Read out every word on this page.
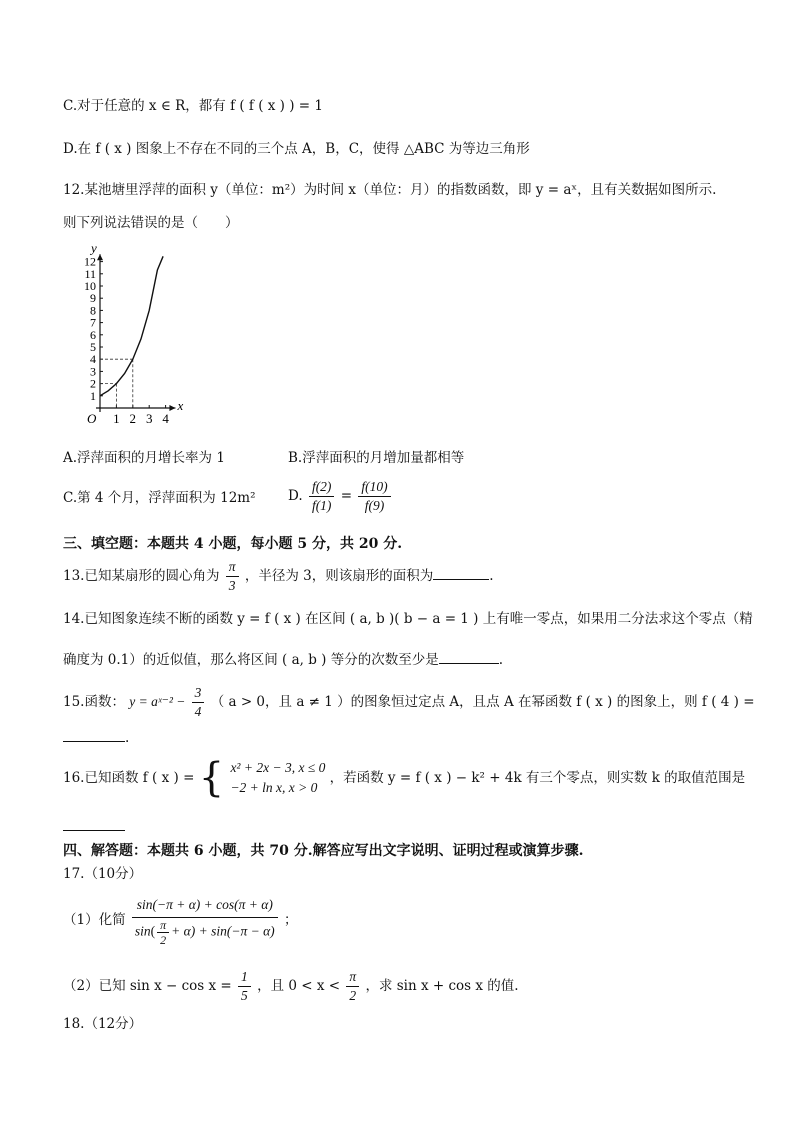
C.对于任意的 x ∈ R，都有 f ( f ( x ) ) = 1
D.在 f ( x ) 图象上不存在不同的三个点 A，B，C，使得 △ABC 为等边三角形
12.某池塘里浮萍的面积 y（单位：m²）为时间 x（单位：月）的指数函数，即 y = aˣ，且有关数据如图所示.
则下列说法错误的是（　　）
x
y
O 1 2 3 4
1
2
3
4
5
6
7
8
9
10
11
12
A.浮萍面积的月增长率为 1	B.浮萍面积的月增加量都相等
C.第 4 个月，浮萍面积为 12m² D. $\frac{f(2)}{f(1)} = \frac{f(10)}{f(9)}$
三、填空题：本题共 4 小题，每小题 5 分，共 20 分.
13.已知某扇形的圆心角为 $\frac{\pi}{3}$ ，半径为 3，则该扇形的面积为	.
14.已知图象连续不断的函数 y = f ( x ) 在区间 ( a, b )( b − a = 1 ) 上有唯一零点，如果用二分法求这个零点（精
确度为 0.1）的近似值，那么将区间 ( a, b ) 等分的次数至少是	.
15.函数： y = aˣ⁻² − $\frac{3}{4}$ （ a > 0，且 a ≠ 1 ）的图象恒过定点 A，且点 A 在幂函数 f ( x ) 的图象上，则 f ( 4 ) =
.
16.已知函数 f ( x ) = { x² + 2x − 3, x ≤ 0
−2 + ln x, x > 0
，若函数 y = f ( x ) − k² + 4k 有三个零点，则实数 k 的取值范围是
四、解答题：本题共 6 小题，共 70 分.解答应写出文字说明、证明过程或演算步骤.
17.（10分）
（1）化简 $\frac{\sin(-\pi + \alpha) + \cos(\pi + \alpha)}{\sin( \frac{\pi}{2} + \alpha) + \sin(-\pi - \alpha)}$ ；
（2）已知 $\sin x - \cos x = \frac{1}{5}$ ，且 $0 < x < \frac{\pi}{2}$ ，求 sin x + cos x 的值.
18.（12分）
